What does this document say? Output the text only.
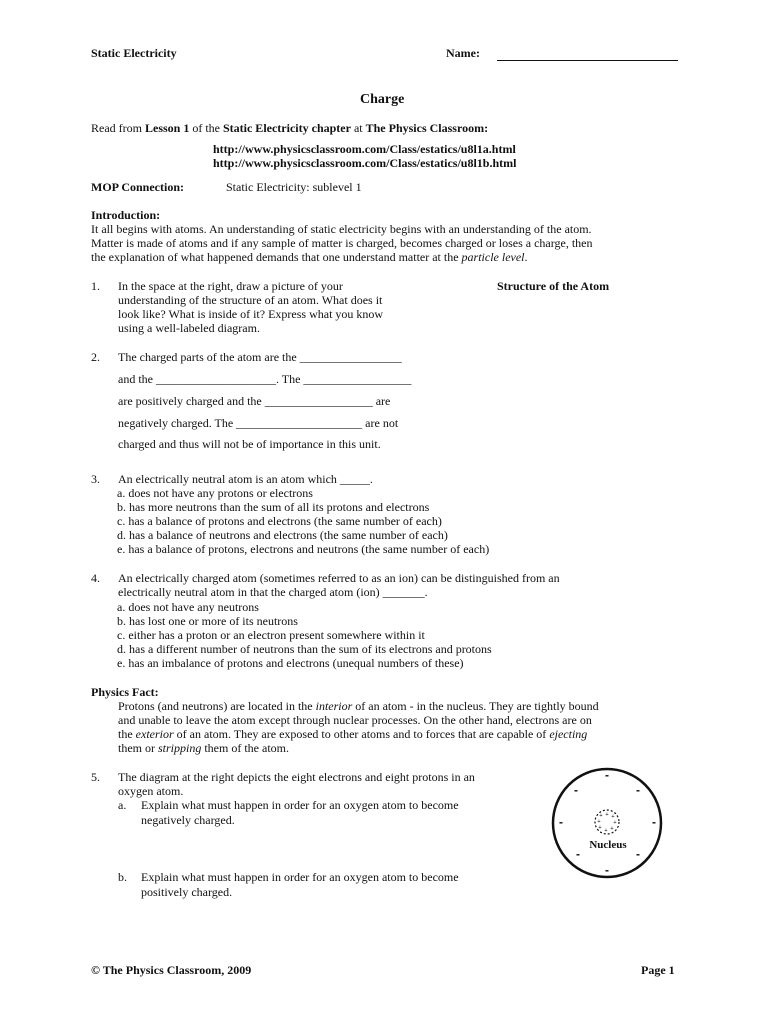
Static Electricity	Name:
Charge
Read from Lesson 1 of the Static Electricity chapter at The Physics Classroom:
http://www.physicsclassroom.com/Class/estatics/u8l1a.html
http://www.physicsclassroom.com/Class/estatics/u8l1b.html
MOP Connection:	Static Electricity: sublevel 1
Introduction:
It all begins with atoms. An understanding of static electricity begins with an understanding of the atom.
Matter is made of atoms and if any sample of matter is charged, becomes charged or loses a charge, then
the explanation of what happened demands that one understand matter at the particle level.
1. In the space at the right, draw a picture of your
understanding of the structure of an atom. What does it
look like? What is inside of it? Express what you know
using a well-labeled diagram.
Structure of the Atom
2. The charged parts of the atom are the _________________
and the ____________________. The __________________
are positively charged and the __________________ are
negatively charged. The _____________________ are not
charged and thus will not be of importance in this unit.
3. An electrically neutral atom is an atom which _____.
a. does not have any protons or electrons
b. has more neutrons than the sum of all its protons and electrons
c. has a balance of protons and electrons (the same number of each)
d. has a balance of neutrons and electrons (the same number of each)
e. has a balance of protons, electrons and neutrons (the same number of each)
4. An electrically charged atom (sometimes referred to as an ion) can be distinguished from an
electrically neutral atom in that the charged atom (ion) _______.
a. does not have any neutrons
b. has lost one or more of its neutrons
c. either has a proton or an electron present somewhere within it
d. has a different number of neutrons than the sum of its electrons and protons
e. has an imbalance of protons and electrons (unequal numbers of these)
Physics Fact:
Protons (and neutrons) are located in the interior of an atom - in the nucleus. They are tightly bound
and unable to leave the atom except through nuclear processes. On the other hand, electrons are on
the exterior of an atom. They are exposed to other atoms and to forces that are capable of ejecting
them or stripping them of the atom.
5. The diagram at the right depicts the eight electrons and eight protons in an
oxygen atom.
a. Explain what must happen in order for an oxygen atom to become
negatively charged.
b. Explain what must happen in order for an oxygen atom to become
positively charged.
+ +
+
+
+
+
+
+
-
-	-
-	-
-	-
-
Nucleus
© The Physics Classroom, 2009	Page 1
